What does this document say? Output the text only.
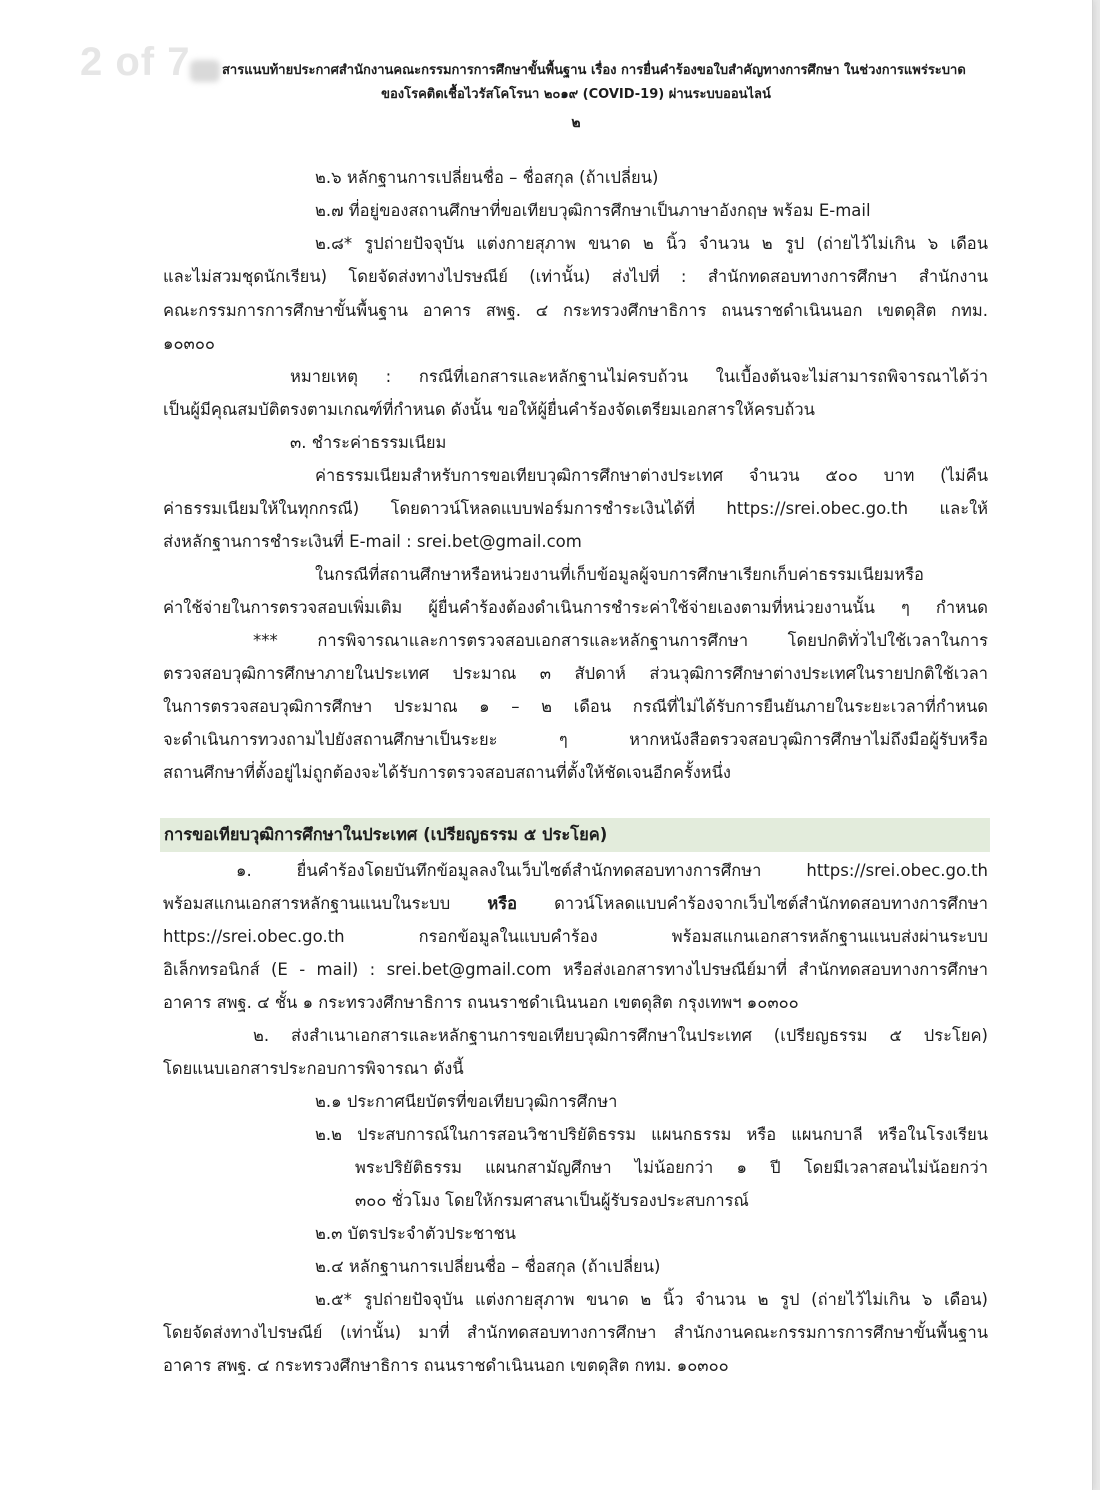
2 of 7 สารแนบท้ายประกาศสำนักงานคณะกรรมการการศึกษาขั้นพื้นฐาน เรื่อง การยื่นคำร้องขอใบสำคัญทางการศึกษา ในช่วงการแพร่ระบาด
ของโรคติดเชื้อไวรัสโคโรนา ๒๐๑๙ (COVID-19) ผ่านระบบออนไลน์
๒
๒.๖ หลักฐานการเปลี่ยนชื่อ – ชื่อสกุล (ถ้าเปลี่ยน)
๒.๗ ที่อยู่ของสถานศึกษาที่ขอเทียบวุฒิการศึกษาเป็นภาษาอังกฤษ พร้อม E-mail
๒.๘* รูปถ่ายปัจจุบัน แต่งกายสุภาพ ขนาด ๒ นิ้ว จำนวน ๒ รูป (ถ่ายไว้ไม่เกิน ๖ เดือน
และไม่สวมชุดนักเรียน) โดยจัดส่งทางไปรษณีย์ (เท่านั้น) ส่งไปที่ : สำนักทดสอบทางการศึกษา สำนักงาน
คณะกรรมการการศึกษาขั้นพื้นฐาน อาคาร สพฐ. ๔ กระทรวงศึกษาธิการ ถนนราชดำเนินนอก เขตดุสิต กทม.
๑๐๓๐๐
หมายเหตุ : กรณีที่เอกสารและหลักฐานไม่ครบถ้วน ในเบื้องต้นจะไม่สามารถพิจารณาได้ว่า
เป็นผู้มีคุณสมบัติตรงตามเกณฑ์ที่กำหนด ดังนั้น ขอให้ผู้ยื่นคำร้องจัดเตรียมเอกสารให้ครบถ้วน
๓. ชำระค่าธรรมเนียม
ค่าธรรมเนียมสำหรับการขอเทียบวุฒิการศึกษาต่างประเทศ จำนวน ๕๐๐ บาท (ไม่คืน
ค่าธรรมเนียมให้ในทุกกรณี) โดยดาวน์โหลดแบบฟอร์มการชำระเงินได้ที่ https://srei.obec.go.th และให้
ส่งหลักฐานการชำระเงินที่ E-mail : srei.bet@gmail.com
ในกรณีที่สถานศึกษาหรือหน่วยงานที่เก็บข้อมูลผู้จบการศึกษาเรียกเก็บค่าธรรมเนียมหรือ
ค่าใช้จ่ายในการตรวจสอบเพิ่มเติม ผู้ยื่นคำร้องต้องดำเนินการชำระค่าใช้จ่ายเองตามที่หน่วยงานนั้น ๆ กำหนด
*** การพิจารณาและการตรวจสอบเอกสารและหลักฐานการศึกษา โดยปกติทั่วไปใช้เวลาในการ
ตรวจสอบวุฒิการศึกษาภายในประเทศ ประมาณ ๓ สัปดาห์ ส่วนวุฒิการศึกษาต่างประเทศในรายปกติใช้เวลา
ในการตรวจสอบวุฒิการศึกษา ประมาณ ๑ – ๒ เดือน กรณีที่ไม่ได้รับการยืนยันภายในระยะเวลาที่กำหนด
จะดำเนินการทวงถามไปยังสถานศึกษาเป็นระยะ ๆ หากหนังสือตรวจสอบวุฒิการศึกษาไม่ถึงมือผู้รับหรือ
สถานศึกษาที่ตั้งอยู่ไม่ถูกต้องจะได้รับการตรวจสอบสถานที่ตั้งให้ชัดเจนอีกครั้งหนึ่ง
การขอเทียบวุฒิการศึกษาในประเทศ (เปรียญธรรม ๕ ประโยค)
๑. ยื่นคำร้องโดยบันทึกข้อมูลลงในเว็บไซต์สำนักทดสอบทางการศึกษา https://srei.obec.go.th
พร้อมสแกนเอกสารหลักฐานแนบในระบบ หรือ ดาวน์โหลดแบบคำร้องจากเว็บไซต์สำนักทดสอบทางการศึกษา
https://srei.obec.go.th กรอกข้อมูลในแบบคำร้อง พร้อมสแกนเอกสารหลักฐานแนบส่งผ่านระบบ
อิเล็กทรอนิกส์ (E - mail) : srei.bet@gmail.com หรือส่งเอกสารทางไปรษณีย์มาที่ สำนักทดสอบทางการศึกษา
อาคาร สพฐ. ๔ ชั้น ๑ กระทรวงศึกษาธิการ ถนนราชดำเนินนอก เขตดุสิต กรุงเทพฯ ๑๐๓๐๐
๒. ส่งสำเนาเอกสารและหลักฐานการขอเทียบวุฒิการศึกษาในประเทศ (เปรียญธรรม ๕ ประโยค)
โดยแนบเอกสารประกอบการพิจารณา ดังนี้
๒.๑ ประกาศนียบัตรที่ขอเทียบวุฒิการศึกษา
๒.๒ ประสบการณ์ในการสอนวิชาปริยัติธรรม แผนกธรรม หรือ แผนกบาลี หรือในโรงเรียน
พระปริยัติธรรม แผนกสามัญศึกษา ไม่น้อยกว่า ๑ ปี โดยมีเวลาสอนไม่น้อยกว่า
๓๐๐ ชั่วโมง โดยให้กรมศาสนาเป็นผู้รับรองประสบการณ์
๒.๓ บัตรประจำตัวประชาชน
๒.๔ หลักฐานการเปลี่ยนชื่อ – ชื่อสกุล (ถ้าเปลี่ยน)
๒.๕* รูปถ่ายปัจจุบัน แต่งกายสุภาพ ขนาด ๒ นิ้ว จำนวน ๒ รูป (ถ่ายไว้ไม่เกิน ๖ เดือน)
โดยจัดส่งทางไปรษณีย์ (เท่านั้น) มาที่ สำนักทดสอบทางการศึกษา สำนักงานคณะกรรมการการศึกษาขั้นพื้นฐาน
อาคาร สพฐ. ๔ กระทรวงศึกษาธิการ ถนนราชดำเนินนอก เขตดุสิต กทม. ๑๐๓๐๐
